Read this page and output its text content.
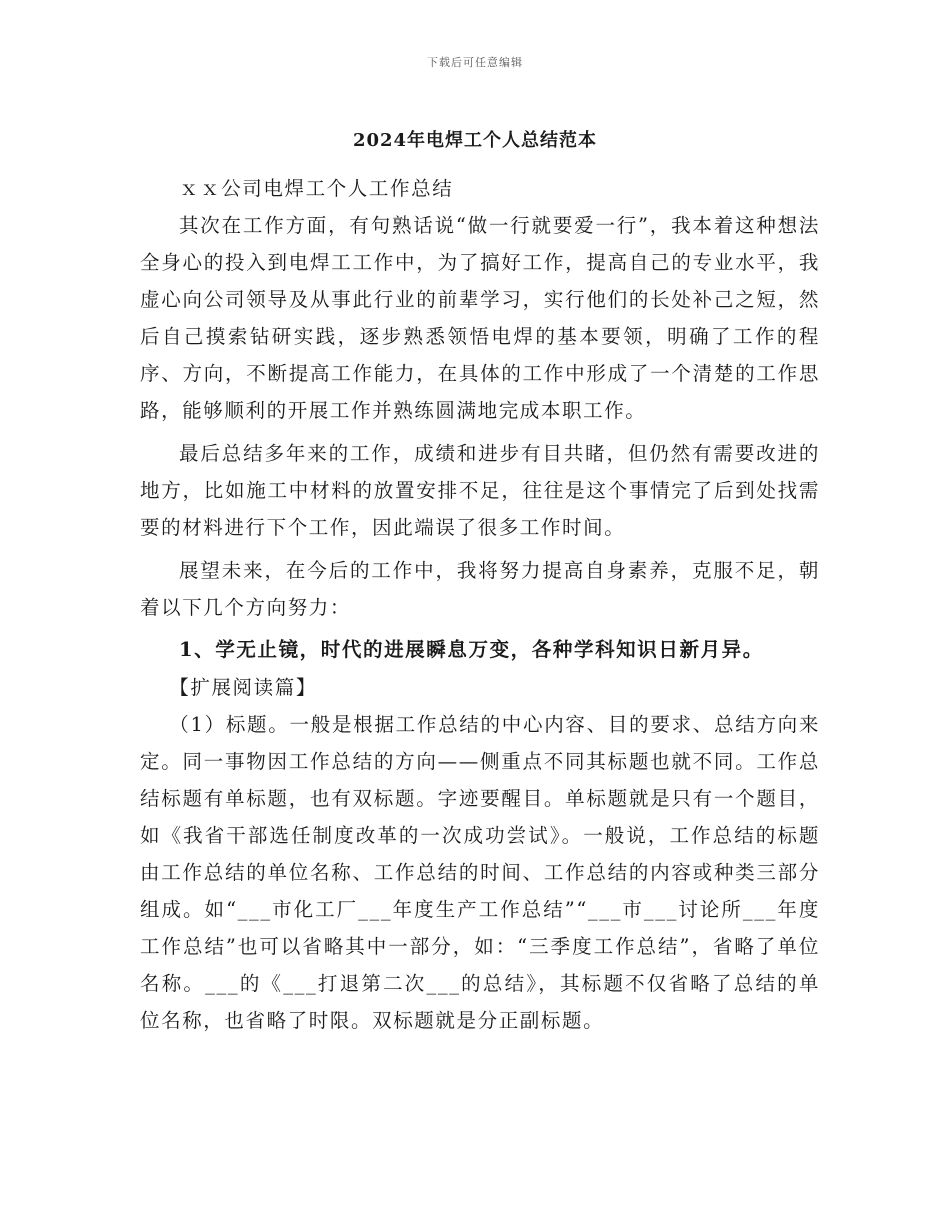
下载后可任意编辑
2024年电焊工个人总结范本

ｘｘ公司电焊工个人工作总结

其次在工作方面，有句熟话说“做一行就要爱一行”，我本着这种想法全身心的投入到电焊工工作中，为了搞好工作，提高自己的专业水平，我虚心向公司领导及从事此行业的前辈学习，实行他们的长处补己之短，然后自己摸索钻研实践，逐步熟悉领悟电焊的基本要领，明确了工作的程序、方向，不断提高工作能力，在具体的工作中形成了一个清楚的工作思路，能够顺利的开展工作并熟练圆满地完成本职工作。

最后总结多年来的工作，成绩和进步有目共睹，但仍然有需要改进的地方，比如施工中材料的放置安排不足，往往是这个事情完了后到处找需要的材料进行下个工作，因此端误了很多工作时间。

展望未来，在今后的工作中，我将努力提高自身素养，克服不足，朝着以下几个方向努力：

1、学无止镜，时代的进展瞬息万变，各种学科知识日新月异。

【扩展阅读篇】

（1）标题。一般是根据工作总结的中心内容、目的要求、总结方向来定。同一事物因工作总结的方向——侧重点不同其标题也就不同。工作总结标题有单标题，也有双标题。字迹要醒目。单标题就是只有一个题目，如《我省干部选任制度改革的一次成功尝试》。一般说，工作总结的标题由工作总结的单位名称、工作总结的时间、工作总结的内容或种类三部分组成。如“___市化工厂___年度生产工作总结”“___市___讨论所___年度工作总结”也可以省略其中一部分，如：“三季度工作总结”，省略了单位名称。___的《___打退第二次___的总结》，其标题不仅省略了总结的单位名称，也省略了时限。双标题就是分正副标题。
